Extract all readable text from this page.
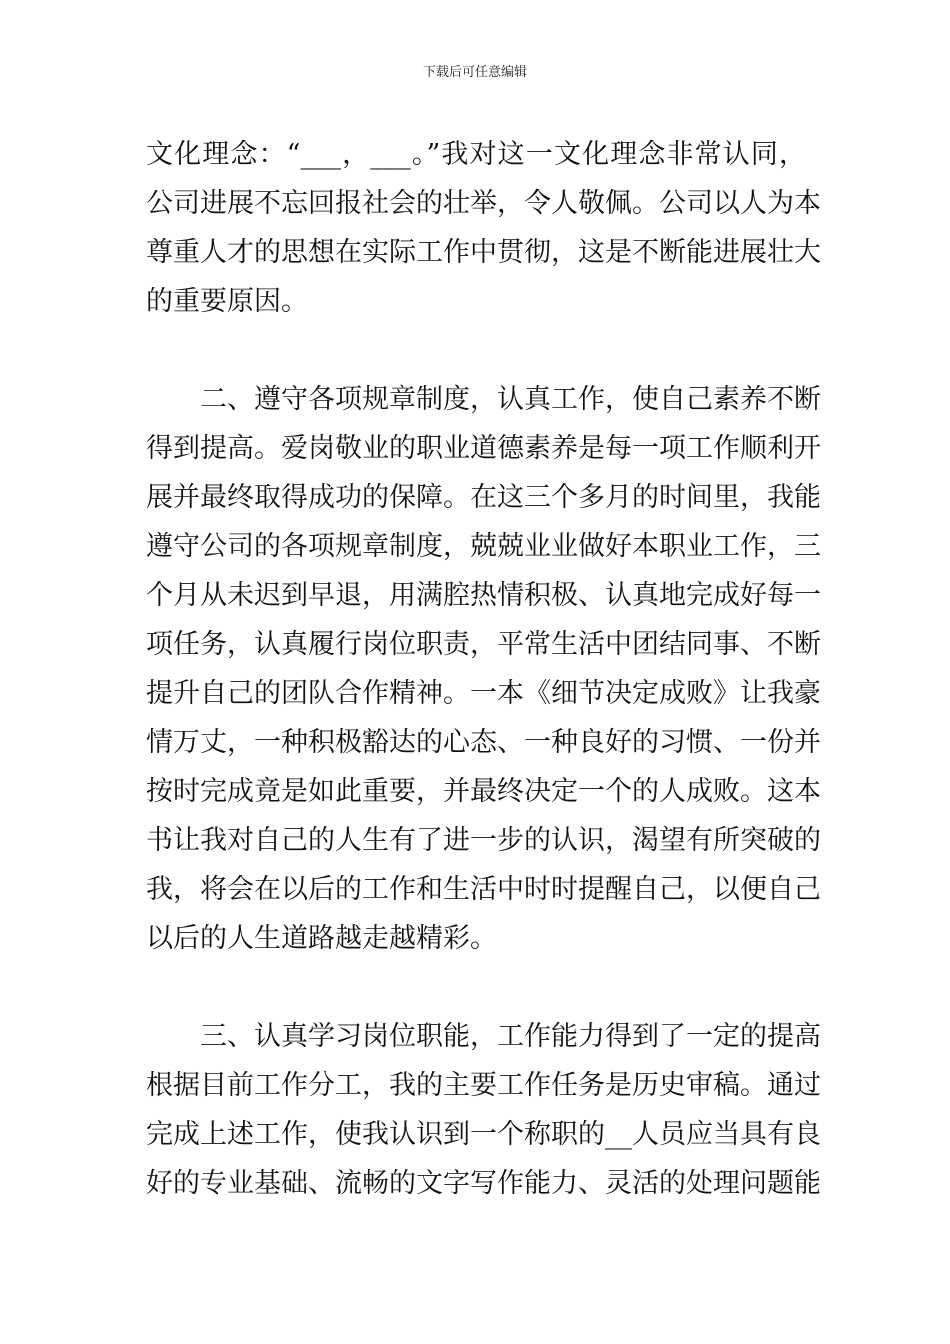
下载后可任意编辑
文化理念：“___，___。”我对这一文化理念非常认同，
公司进展不忘回报社会的壮举，令人敬佩。公司以人为本
尊重人才的思想在实际工作中贯彻，这是不断能进展壮大
的重要原因。
　　二、遵守各项规章制度，认真工作，使自己素养不断
得到提高。爱岗敬业的职业道德素养是每一项工作顺利开
展并最终取得成功的保障。在这三个多月的时间里，我能
遵守公司的各项规章制度，兢兢业业做好本职业工作，三
个月从未迟到早退，用满腔热情积极、认真地完成好每一
项任务，认真履行岗位职责，平常生活中团结同事、不断
提升自己的团队合作精神。一本《细节决定成败》让我豪
情万丈，一种积极豁达的心态、一种良好的习惯、一份并
按时完成竟是如此重要，并最终决定一个的人成败。这本
书让我对自己的人生有了进一步的认识，渴望有所突破的
我，将会在以后的工作和生活中时时提醒自己，以便自己
以后的人生道路越走越精彩。
　　三、认真学习岗位职能，工作能力得到了一定的提高
根据目前工作分工，我的主要工作任务是历史审稿。通过
完成上述工作，使我认识到一个称职的__人员应当具有良
好的专业基础、流畅的文字写作能力、灵活的处理问题能
